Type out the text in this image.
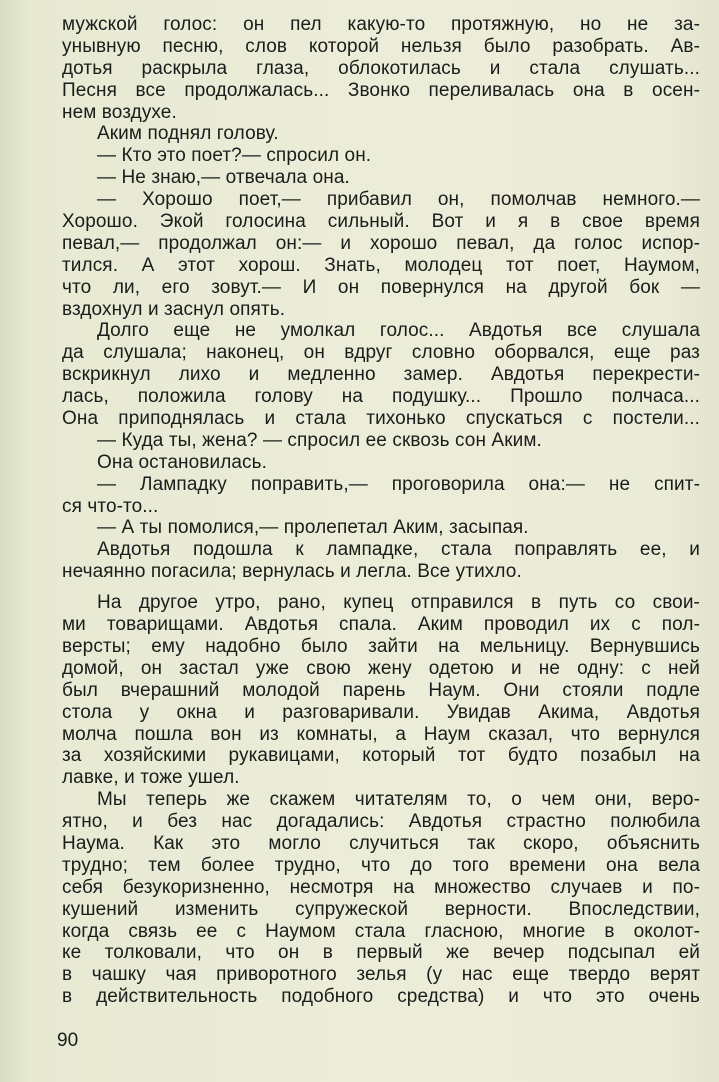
мужской голос: он пел какую-то протяжную, но не за-
унывную песню, слов которой нельзя было разобрать. Ав-
дотья раскрыла глаза, облокотилась и стала слушать...
Песня все продолжалась... Звонко переливалась она в осен-
нем воздухе.
Аким поднял голову.
— Кто это поет?— спросил он.
— Не знаю,— отвечала она.
— Хорошо поет,— прибавил он, помолчав немного.—
Хорошо. Экой голосина сильный. Вот и я в свое время
певал,— продолжал он:— и хорошо певал, да голос испор-
тился. А этот хорош. Знать, молодец тот поет, Наумом,
что ли, его зовут.— И он повернулся на другой бок —
вздохнул и заснул опять.
Долго еще не умолкал голос... Авдотья все слушала
да слушала; наконец, он вдруг словно оборвался, еще раз
вскрикнул лихо и медленно замер. Авдотья перекрести-
лась, положила голову на подушку... Прошло полчаса...
Она приподнялась и стала тихонько спускаться с постели...
— Куда ты, жена? — спросил ее сквозь сон Аким.
Она остановилась.
— Лампадку поправить,— проговорила она:— не спит-
ся что-то...
— А ты помолися,— пролепетал Аким, засыпая.
Авдотья подошла к лампадке, стала поправлять ее, и
нечаянно погасила; вернулась и легла. Все утихло.
На другое утро, рано, купец отправился в путь со свои-
ми товарищами. Авдотья спала. Аким проводил их с пол-
версты; ему надобно было зайти на мельницу. Вернувшись
домой, он застал уже свою жену одетою и не одну: с ней
был вчерашний молодой парень Наум. Они стояли подле
стола у окна и разговаривали. Увидав Акима, Авдотья
молча пошла вон из комнаты, а Наум сказал, что вернулся
за хозяйскими рукавицами, который тот будто позабыл на
лавке, и тоже ушел.
Мы теперь же скажем читателям то, о чем они, веро-
ятно, и без нас догадались: Авдотья страстно полюбила
Наума. Как это могло случиться так скоро, объяснить
трудно; тем более трудно, что до того времени она вела
себя безукоризненно, несмотря на множество случаев и по-
кушений изменить супружеской верности. Впоследствии,
когда связь ее с Наумом стала гласною, многие в околот-
ке толковали, что он в первый же вечер подсыпал ей
в чашку чая приворотного зелья (у нас еще твердо верят
в действительность подобного средства) и что это очень
90
